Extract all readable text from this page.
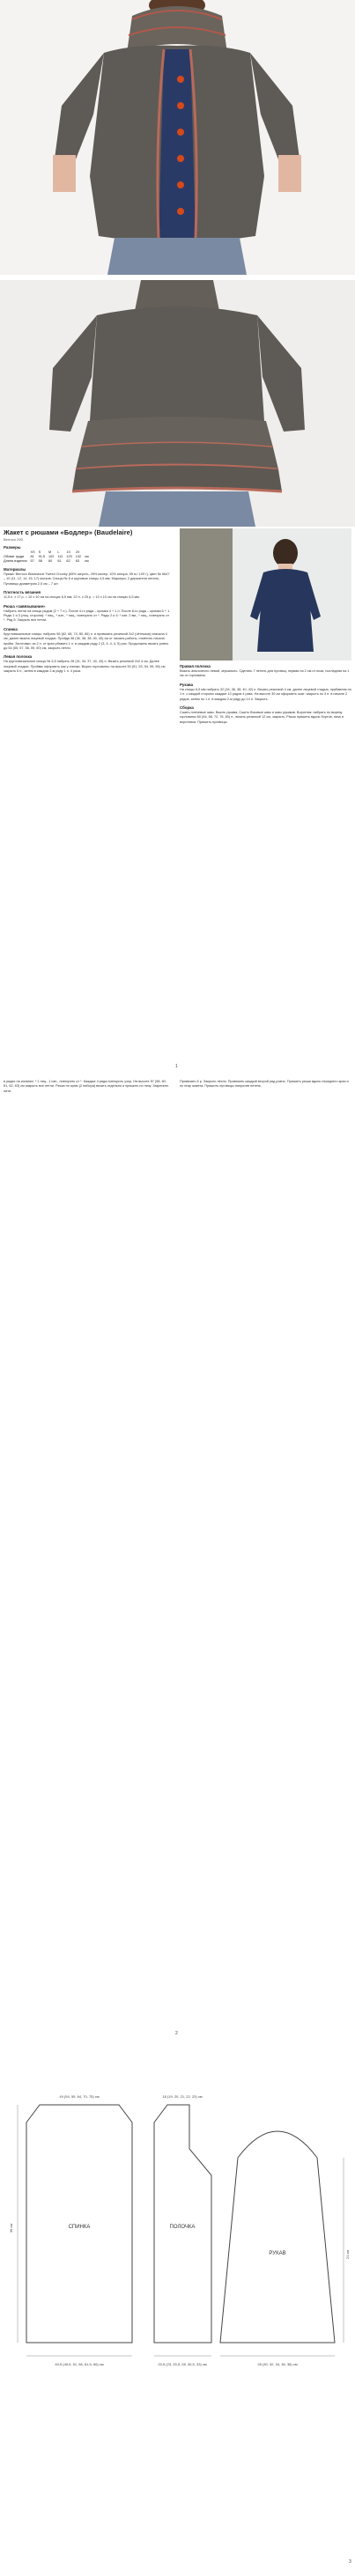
Жакет с рюшами «Бодлер» (Baudelaire)

Berroco 290

Размеры
	XS	S	M	L	1X	2X	
Обхват груди	81	91,5	102	112	123	132	см
Длина изделия	57	58	60	61	62	63	см
Материалы
Пряжа: Berroco Blackstone Tweed Chunky (65% шерсть, 25% мохер, 10% ангора, 55 м / 100 г), цвет № 6647 – 10 (11, 12, 14, 15, 17) мотков; Спицы № 8 и круговые спицы 4,5 мм; Маркеры; 2 держателя петель; Пуговицы диаметром 2,5 см – 7 шт.
Плотность вязания
11,5 п. х 17 р. = 10 х 10 см на спицах 6,5 мм; 22 п. х 25 р. = 10 х 10 см на спицах 6,5 мм.
Рюша «завязывание»
Набрать петли на спицы рядом (2 + 7 п.). После 4-го ряда – кромка 4 + 1 п. После 8-го ряда – кромка 6 + 1. Ряды 1 и 3 (лиц. сторона): * лиц., * изн., * лиц., повторять от *. Ряды 2 и 4: * изн. 2 вм., * лиц., повторять от *. Ряд 5: Закрыть все петли.
Спинка
Кругловязальные спицы: набрать 56 (62, 68, 74, 80, 86) п. и провязать резинкой 2х2 (чётными) сначала 4 см; далее вязать лицевой гладью. Пройдя 36 (36, 38, 38, 40, 40) см от начала работы, отметить начало пройм. Заготовки: за 2 п. от края убавить 1 п. в каждом ряду 2 (3, 3, 4, 4, 5) раз. Продолжать вязать ровно до 54 (55, 57, 58, 59, 60) см, закрыть петли.
Левая полочка
На кругловязальные спицы № 6,5 набрать 28 (31, 34, 37, 40, 43) п. Вязать резинкой 2х2 4 см. Далее лицевой гладью. Проймы оформить как у спинки. Вырез горловины: на высоте 50 (51, 53, 54, 55, 56) см закрыть 6 п., затем в каждом 2-м ряду 1 п. 4 раза.
Правая полочка
Вязать аналогично левой, зеркально. Сделать 7 петель для пуговиц: первая на 2 см от низа, последняя на 1 см от горловины.
Рукава
На спицы 6,5 мм набрать 32 (34, 36, 38, 40, 42) п. Вязать резинкой 4 см, далее лицевой гладью, прибавляя по 1 п. с каждой стороны каждые 10 рядов 4 раза. На высоте 30 см оформить окат: закрыть по 3 п. в начале 2 рядов, затем по 1 п. в каждом 2-м ряду до 14 п. Закрыть.
Сборка
Сшить плечевые швы. Вшить рукава. Сшить боковые швы и швы рукавов. Воротник: набрать по вырезу горловины 60 (64, 68, 72, 76, 80) п., вязать резинкой 12 см, закрыть. Рюши пришить вдоль бортов, низа и воротника. Пришить пуговицы.
1
в рядах на изнанке: * 1 лиц., 1 изн., повторять от *. Каждые 4 ряда повторить узор. На высоте 57 (58, 60, 61, 62, 63) см закрыть все петли. Рюши по краю (2 набора) вязать отдельно и пришить по низу. Закрепить нити.
Провязать 6 р. Закрыть петли. Провязать каждый второй ряд ровно. Пришить рюши вдоль переднего края и по низу жакета. Пришить пуговицы напротив петель.
2
СПИНКА	ПОЛОЧКА
РУКАВ
40,5 (45,5, 51, 56, 61,5, 66) см	20,5 (23, 25,5, 28, 30,5, 33) см	28 (30, 32, 34, 36, 38) см
49 (54, 59, 64, 70, 75) см
36 см
21 см
18 (19, 20, 21, 22, 23) см
3
